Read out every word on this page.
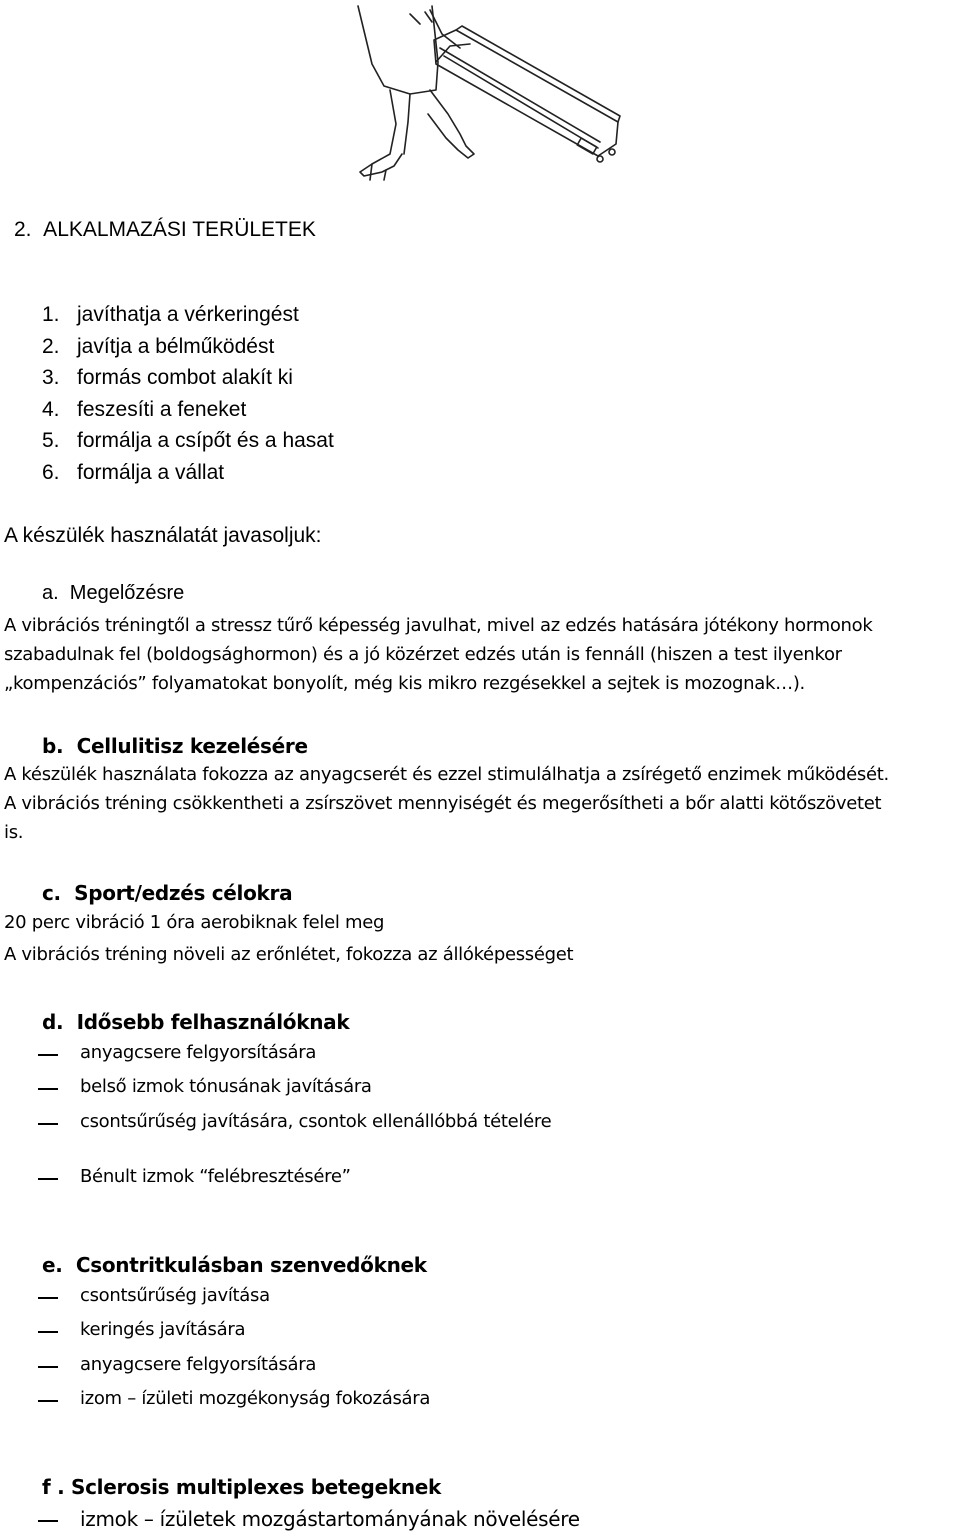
2.  ALKALMAZÁSI TERÜLETEK
1.   javíthatja a vérkeringést
2.   javítja a bélműködést
3.   formás combot alakít ki
4.   feszesíti a feneket
5.   formálja a csípőt és a hasat
6.   formálja a vállat
A készülék használatát javasoljuk:
a.  Megelőzésre
A vibrációs tréningtől a stressz tűrő képesség javulhat, mivel az edzés hatására jótékony hormonok
szabadulnak fel (boldogsághormon) és a jó közérzet edzés után is fennáll (hiszen a test ilyenkor
„kompenzációs” folyamatokat bonyolít, még kis mikro rezgésekkel a sejtek is mozognak…).
b.  Cellulitisz kezelésére
A készülék használata fokozza az anyagcserét és ezzel stimulálhatja a zsírégető enzimek működését.
A vibrációs tréning csökkentheti a zsírszövet mennyiségét és megerősítheti a bőr alatti kötőszövetet
is.
c.  Sport/edzés célokra
20 perc vibráció 1 óra aerobiknak felel meg
A vibrációs tréning növeli az erőnlétet, fokozza az állóképességet
d.  Idősebb felhasználóknak
anyagcsere felgyorsítására
belső izmok tónusának javítására
csontsűrűség javítására, csontok ellenállóbbá tételére
Bénult izmok “felébresztésére”
e.  Csontritkulásban szenvedőknek
csontsűrűség javítása
keringés javítására
anyagcsere felgyorsítására
izom – ízületi mozgékonyság fokozására
f . Sclerosis multiplexes betegeknek
izmok – ízületek mozgástartományának növelésére
